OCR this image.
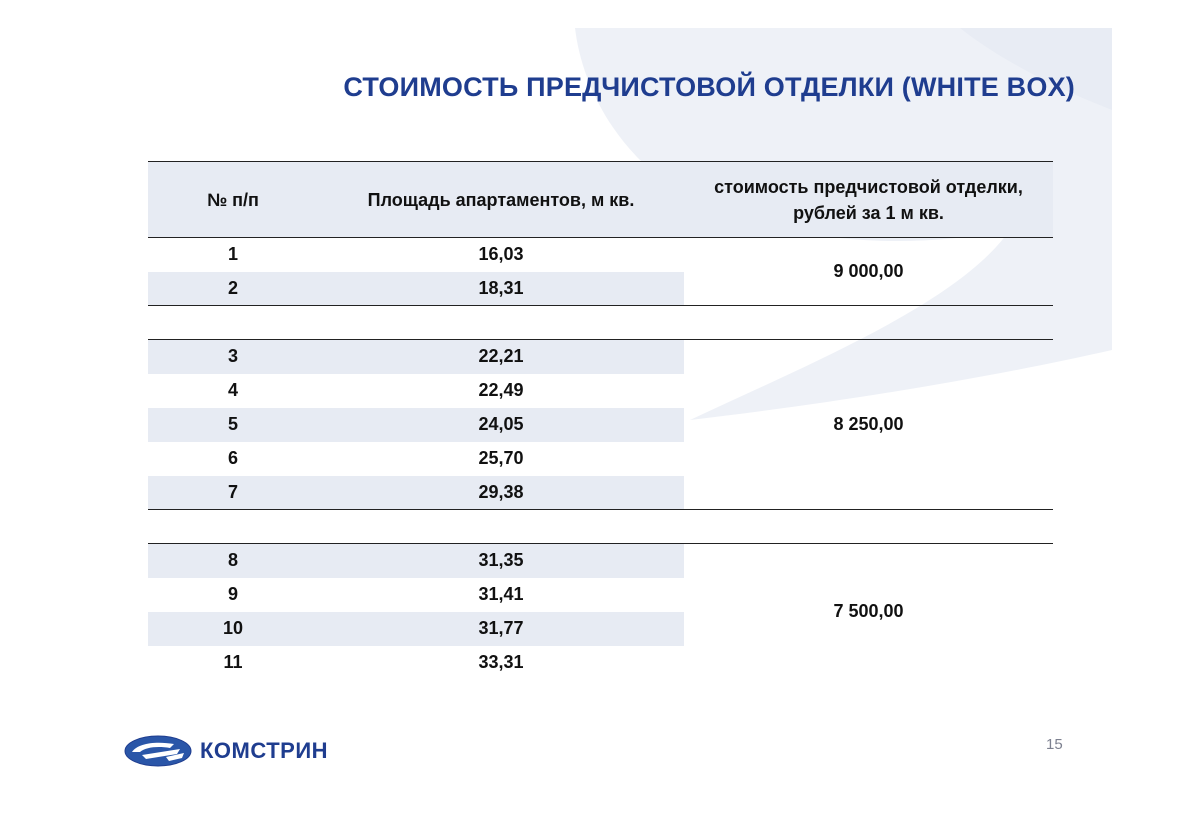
СТОИМОСТЬ ПРЕДЧИСТОВОЙ ОТДЕЛКИ (WHITE BOX)
№ п/п	Площадь апартаментов, м кв.	стоимость предчистовой отделки,
рублей за 1 м кв.
1	16,03	9 000,00
2	18,31	

3	22,21	8 250,00
4	22,49	
5	24,05	
6	25,70	
7	29,38	

8	31,35	7 500,00
9	31,41	
10	31,77	
11	33,31	
КОМСТРИН	15
